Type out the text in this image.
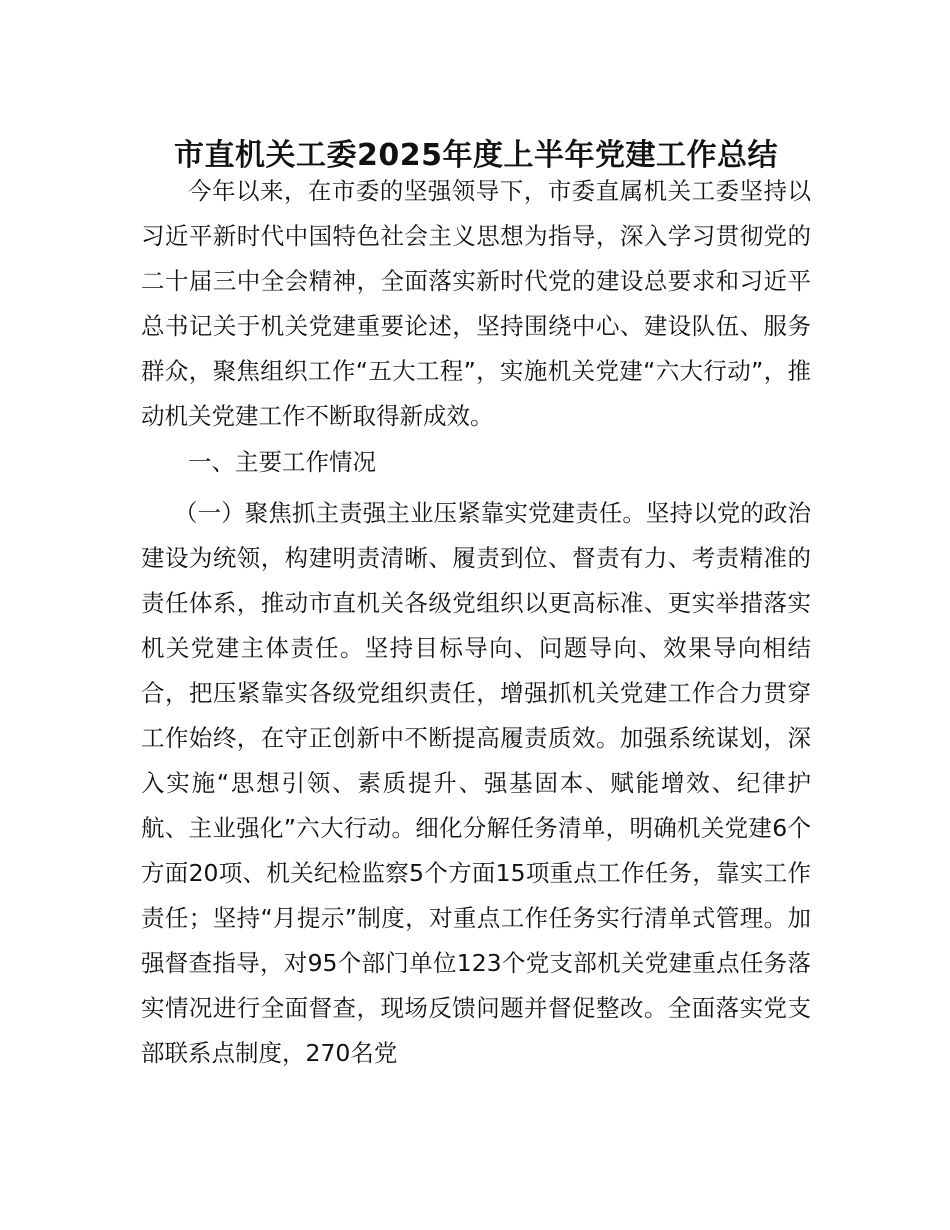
市直机关工委2025年度上半年党建工作总结

今年以来，在市委的坚强领导下，市委直属机关工委坚持以习近平新时代中国特色社会主义思想为指导，深入学习贯彻党的二十届三中全会精神，全面落实新时代党的建设总要求和习近平总书记关于机关党建重要论述，坚持围绕中心、建设队伍、服务群众，聚焦组织工作“五大工程”，实施机关党建“六大行动”，推动机关党建工作不断取得新成效。

一、主要工作情况

（一）聚焦抓主责强主业压紧靠实党建责任。坚持以党的政治建设为统领，构建明责清晰、履责到位、督责有力、考责精准的责任体系，推动市直机关各级党组织以更高标准、更实举措落实机关党建主体责任。坚持目标导向、问题导向、效果导向相结合，把压紧靠实各级党组织责任，增强抓机关党建工作合力贯穿工作始终，在守正创新中不断提高履责质效。加强系统谋划，深入实施“思想引领、素质提升、强基固本、赋能增效、纪律护航、主业强化”六大行动。细化分解任务清单，明确机关党建6个方面20项、机关纪检监察5个方面15项重点工作任务，靠实工作责任；坚持“月提示”制度，对重点工作任务实行清单式管理。加强督查指导，对95个部门单位123个党支部机关党建重点任务落实情况进行全面督查，现场反馈问题并督促整改。全面落实党支部联系点制度，270名党
